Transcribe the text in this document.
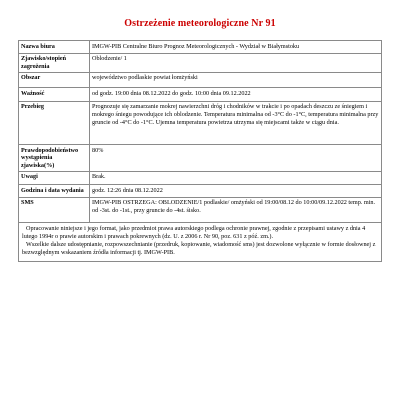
Ostrzeżenie meteorologiczne Nr 91
Nazwa biura	IMGW-PIB Centralne Biuro Prognoz Meteorologicznych - Wydział w Białymstoku
Zjawisko/stopień zagrożenia	Oblodzenie/ 1
Obszar	województwo podlaskie powiat łomżyński
Ważność	od godz. 19:00 dnia 08.12.2022 do godz. 10:00 dnia 09.12.2022
Przebieg	Prognozuje się zamarzanie mokrej nawierzchni dróg i chodników w trakcie i po opadach deszczu ze śniegiem i mokrego śniegu powodujące ich oblodzenie. Temperatura minimalna od -3°C do -1°C, temperatura minimalna przy gruncie od -4°C do -1°C. Ujemna temperatura powietrza utrzyma się miejscami także w ciągu dnia.
Prawdopodobieństwo wystąpienia zjawiska(%)	80%
Uwagi	Brak.
Godzina i data wydania	godz. 12:26 dnia 08.12.2022
SMS	IMGW-PIB OSTRZEGA: OBLODZENIE/1 podlaskie/ omżyński od 19:00/08.12 do 10:00/09.12.2022 temp. min. od -3st. do -1st., przy gruncie do -4st. śisko.

Opracowanie niniejsze i jego format, jako przedmiot prawa autorskiego podlega ochronie prawnej, zgodnie z przepisami ustawy z dnia 4 lutego 1994r o prawie autorskim i prawach pokrewnych (dz. U. z 2006 r. Nr 90, poz. 631 z póź. zm.).

Wszelkie dalsze udostępnianie, rozpowszechnianie (przedruk, kopiowanie, wiadomość sms) jest dozwolone wyłącznie w formie dosłownej z bezwzględnym wskazaniem źródła informacji tj. IMGW-PIB.	
